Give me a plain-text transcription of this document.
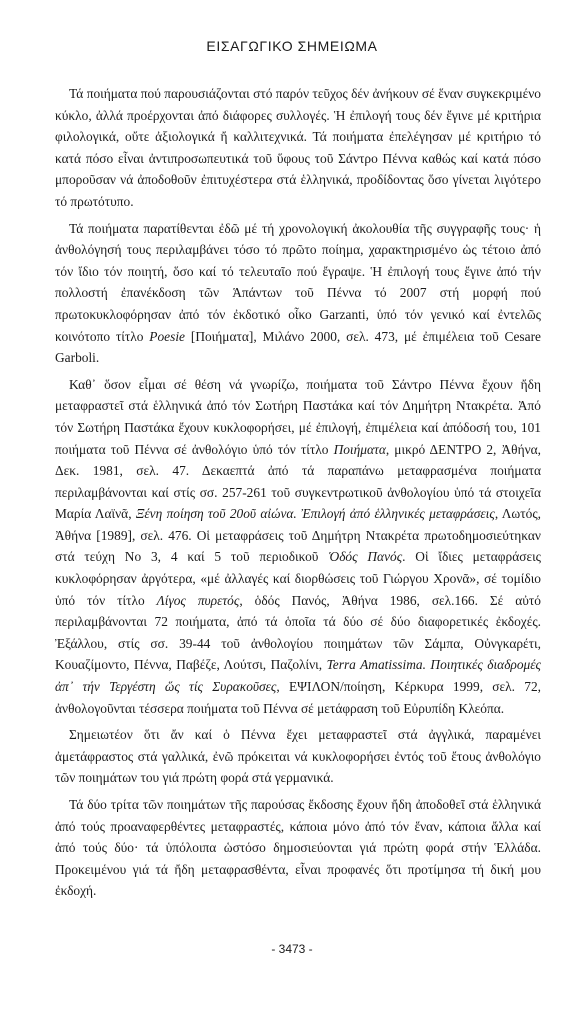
ΕΙΣΑΓΩΓΙΚΟ ΣΗΜΕΙΩΜΑ

Τά ποιήματα πού παρουσιάζονται στό παρόν τεῦχος δέν ἀνήκουν σέ ἕναν συγκεκριμένο κύκλο, ἀλλά προέρχονται ἀπό διάφορες συλλογές. Ἡ ἐπιλογή τους δέν ἔγινε μέ κριτήρια φιλολογικά, οὔτε ἀξιολογικά ἤ καλλιτεχνικά. Τά ποιήματα ἐπελέγησαν μέ κριτήριο τό κατά πόσο εἶναι ἀντιπροσωπευτικά τοῦ ὕφους τοῦ Σάντρο Πέννα καθώς καί κατά πόσο μποροῦσαν νά ἀποδοθοῦν ἐπιτυχέστερα στά ἑλληνικά, προδίδοντας ὅσο γίνεται λιγότερο τό πρωτότυπο.

Τά ποιήματα παρατίθενται ἐδῶ μέ τή χρονολογική ἀκολουθία τῆς συγγραφῆς τους· ἡ ἀνθολόγησή τους περιλαμβάνει τόσο τό πρῶτο ποίημα, χαρακτηρισμένο ὡς τέτοιο ἀπό τόν ἴδιο τόν ποιητή, ὅσο καί τό τελευταῖο πού ἔγραψε. Ἡ ἐπιλογή τους ἔγινε ἀπό τήν πολλοστή ἐπανέκδοση τῶν Ἁπάντων τοῦ Πέννα τό 2007 στή μορφή πού πρωτοκυκλοφόρησαν ἀπό τόν ἐκδοτικό οἶκο Garzanti, ὑπό τόν γενικό καί ἐντελῶς κοινότοπο τίτλο Poesie [Ποιήματα], Μιλάνο 2000, σελ. 473, μέ ἐπιμέλεια τοῦ Cesare Garboli.

Καθ᾽ ὅσον εἶμαι σέ θέση νά γνωρίζω, ποιήματα τοῦ Σάντρο Πέννα ἔχουν ἤδη μεταφραστεῖ στά ἑλληνικά ἀπό τόν Σωτήρη Παστάκα καί τόν Δημήτρη Ντακρέτα. Ἀπό τόν Σωτήρη Παστάκα ἔχουν κυκλοφορήσει, μέ ἐπιλογή, ἐπιμέλεια καί ἀπόδοσή του, 101 ποιήματα τοῦ Πέννα σέ ἀνθολόγιο ὑπό τόν τίτλο Ποιήματα, μικρό ΔΕΝΤΡΟ 2, Ἀθήνα, Δεκ. 1981, σελ. 47. Δεκαεπτά ἀπό τά παραπάνω μεταφρασμένα ποιήματα περιλαμβάνονται καί στίς σσ. 257-261 τοῦ συγκεντρωτικοῦ ἀνθολογίου ὑπό τά στοιχεῖα Μαρία Λαϊνᾶ, Ξένη ποίηση τοῦ 20οῦ αἰώνα. Ἐπιλογή ἀπό ἑλληνικές μεταφράσεις, Λωτός, Ἀθήνα [1989], σελ. 476. Οἱ μεταφράσεις τοῦ Δημήτρη Ντακρέτα πρωτοδημοσιεύτηκαν στά τεύχη Νο 3, 4 καί 5 τοῦ περιοδικοῦ Ὁδός Πανός. Οἱ ἴδιες μεταφράσεις κυκλοφόρησαν ἀργότερα, «μέ ἀλλαγές καί διορθώσεις τοῦ Γιώργου Χρονᾶ», σέ τομίδιο ὑπό τόν τίτλο Λίγος πυρετός, ὁδός Πανός, Ἀθήνα 1986, σελ.166. Σέ αὐτό περιλαμβάνονται 72 ποιήματα, ἀπό τά ὁποῖα τά δύο σέ δύο διαφορετικές ἐκδοχές. Ἐξάλλου, στίς σσ. 39-44 τοῦ ἀνθολογίου ποιημάτων τῶν Σάμπα, Οὐνγκαρέτι, Κουαζίμοντο, Πέννα, Παβέζε, Λούτσι, Παζολίνι, Terra Amatissima. Ποιητικές διαδρομές ἀπ᾽ τήν Τεργέστη ὥς τίς Συρακοῦσες, ΕΨΙΛΟΝ/ποίηση, Κέρκυρα 1999, σελ. 72, ἀνθολογοῦνται τέσσερα ποιήματα τοῦ Πέννα σέ μετάφραση τοῦ Εὐρυπίδη Κλεόπα.

Σημειωτέον ὅτι ἄν καί ὁ Πέννα ἔχει μεταφραστεῖ στά ἀγγλικά, παραμένει ἀμετάφραστος στά γαλλικά, ἐνῶ πρόκειται νά κυκλοφορήσει ἐντός τοῦ ἔτους ἀνθολόγιο τῶν ποιημάτων του γιά πρώτη φορά στά γερμανικά.

Τά δύο τρίτα τῶν ποιημάτων τῆς παρούσας ἔκδοσης ἔχουν ἤδη ἀποδοθεῖ στά ἑλληνικά ἀπό τούς προαναφερθέντες μεταφραστές, κάποια μόνο ἀπό τόν ἕναν, κάποια ἄλλα καί ἀπό τούς δύο· τά ὑπόλοιπα ὡστόσο δημοσιεύονται γιά πρώτη φορά στήν Ἑλλάδα. Προκειμένου γιά τά ἤδη μεταφρασθέντα, εἶναι προφανές ὅτι προτίμησα τή δική μου ἐκδοχή.

- 3473 -
